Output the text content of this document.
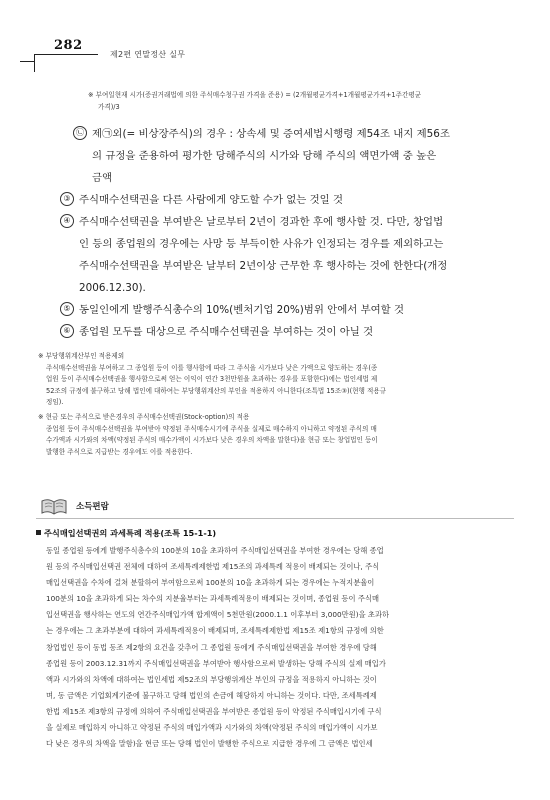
282
제2편 연말정산 실무
※ 부여일현재 시가(증권거래법에 의한 주식매수청구권 가격을 준용) = (2개월평균가격+1개월평균가격+1주간평균
가격)/3
㉡ 제㉠외(= 비상장주식)의 경우 : 상속세 및 증여세법시행령 제54조 내지 제56조
의 규정을 준용하여 평가한 당해주식의 시가와 당해 주식의 액면가액 중 높은
금액
③ 주식매수선택권을 다른 사람에게 양도할 수가 없는 것일 것
④ 주식매수선택권을 부여받은 날로부터 2년이 경과한 후에 행사할 것. 다만, 창업법
인 등의 종업원의 경우에는 사망 등 부득이한 사유가 인정되는 경우를 제외하고는
주식매수선택권을 부여받은 날부터 2년이상 근무한 후 행사하는 것에 한한다(개정
2006.12.30).
⑤ 동일인에게 발행주식총수의 10%(벤처기업 20%)범위 안에서 부여할 것
⑥ 종업원 모두를 대상으로 주식매수선택권을 부여하는 것이 아닐 것
※ 부당행위계산부인 적용제외
주식매수선택권을 부여하고 그 종업원 등이 이를 행사함에 따라 그 주식을 시가보다 낮은 가액으로 양도하는 경우(종
업원 등이 주식매수선택권을 행사함으로써 얻는 이익이 연간 3천만원을 초과하는 경우를 포함한다)에는 법인세법 제
52조의 규정에 불구하고 당해 법인에 대하여는 부당행위계산의 부인을 적용하지 아니한다(조특법 15조③)(현행 적용규
정임).
※ 현금 또는 주식으로 받은경우의 주식매수선택권(Stock-option)의 적용
종업원 등이 주식매수선택권을 부여받아 약정된 주식매수시기에 주식을 실제로 매수하지 아니하고 약정된 주식의 매
수가액과 시가와의 차액(약정된 주식의 매수가액이 시가보다 낮은 경우의 차액을 말한다)을 현금 또는 창업법인 등이
발행한 주식으로 지급받는 경우에도 이를 적용한다.
소득편람
주식매입선택권의 과세특례 적용(조특 15-1-1)
동일 종업원 등에게 발행주식총수의 100분의 10을 초과하여 주식매입선택권을 부여한 경우에는 당해 종업
원 등의 주식매입선택권 전체에 대하여 조세특례제한법 제15조의 과세특례 적용이 배제되는 것이나, 주식
매입선택권을 수차에 걸쳐 분할하여 부여함으로써 100분의 10을 초과하게 되는 경우에는 누적지분율이
100분의 10을 초과하게 되는 차수의 지분율부터는 과세특례적용이 배제되는 것이며, 종업원 등이 주식매
입선택권을 행사하는 연도의 연간주식매입가액 합계액이 5천만원(2000.1.1 이후부터 3,000만원)을 초과하
는 경우에는 그 초과부분에 대하여 과세특례적용이 배제되며, 조세특례제한법 제15조 제1항의 규정에 의한
창업법인 등이 동법 동조 제2항의 요건을 갖추어 그 종업원 등에게 주식매입선택권을 부여한 경우에 당해
종업원 등이 2003.12.31까지 주식매입선택권을 부여받아 행사함으로써 발생하는 당해 주식의 실제 매입가
액과 시가와의 차액에 대하여는 법인세법 제52조의 부당행위계산 부인의 규정을 적용하지 아니하는 것이
며, 동 금액은 기업회계기준에 불구하고 당해 법인의 손금에 해당하지 아니하는 것이다. 다만, 조세특례제
한법 제15조 제3항의 규정에 의하여 주식매입선택권을 부여받은 종업원 등이 약정된 주식매입시기에 구식
을 실제로 매입하지 아니하고 약정된 주식의 매입가액과 시가와의 차액(약정된 주식의 매입가액이 시가보
다 낮은 경우의 차액을 말함)을 현금 또는 당해 법인이 발행한 주식으로 지급한 경우에 그 금액은 법인세
